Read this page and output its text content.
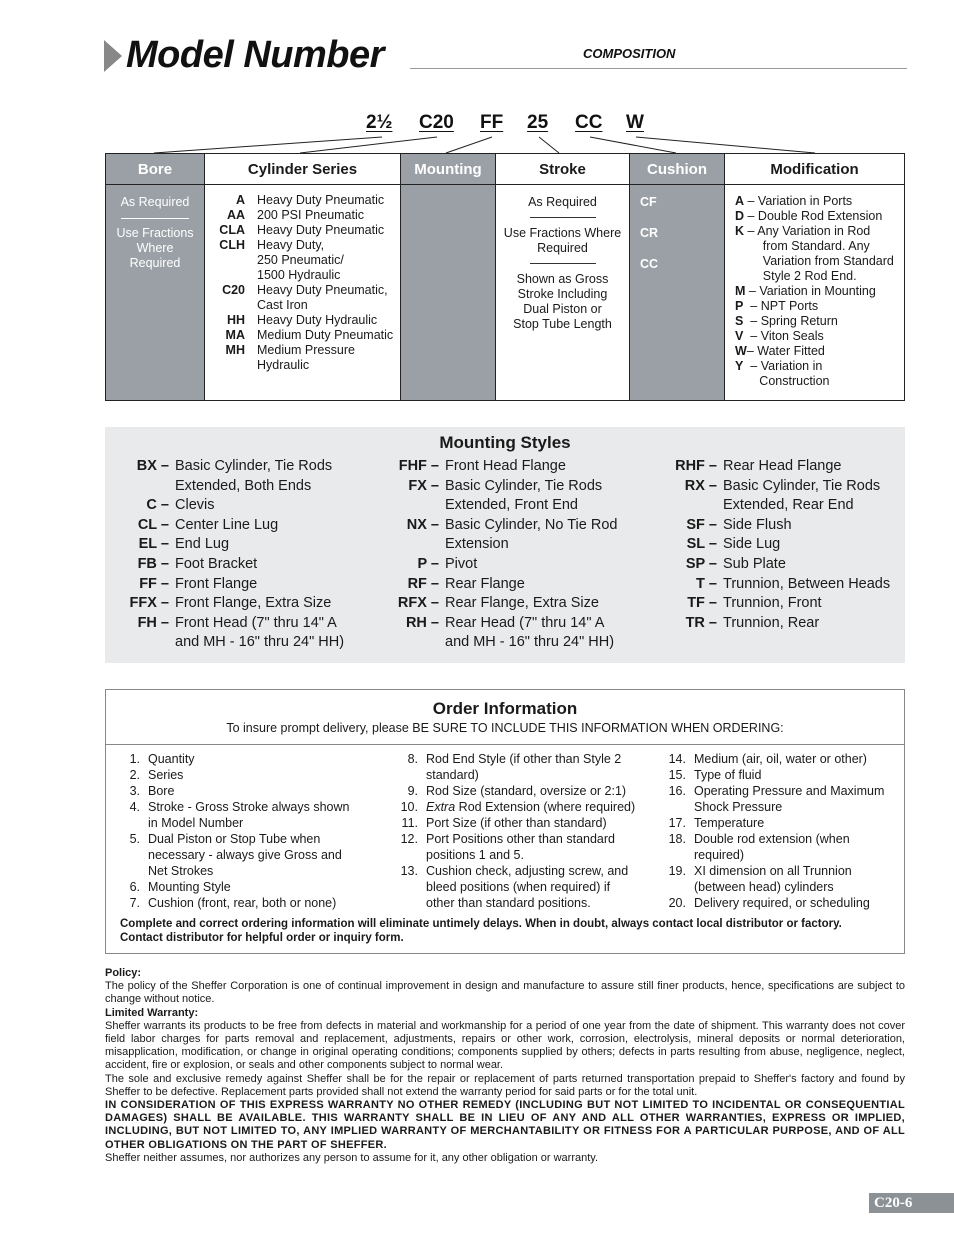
Model Number	COMPOSITION
2½ C20 FF 25 CC W
Bore
As Required
Use Fractions
Where
Required
Cylinder Series
A Heavy Duty Pneumatic
AA 200 PSI Pneumatic
CLA Heavy Duty Pneumatic
CLH Heavy Duty,
250 Pneumatic/
1500 Hydraulic
C20 Heavy Duty Pneumatic,
Cast Iron
HH Heavy Duty Hydraulic
MA Medium Duty Pneumatic
MH Medium Pressure
Hydraulic
Mounting	Stroke
As Required
Use Fractions Where
Required
Shown as Gross
Stroke Including
Dual Piston or
Stop Tube Length
Cushion
CF
CR
CC
Modification
A – Variation in Ports
D – Double Rod Extension
K – Any Variation in Rod
from Standard. Any
Variation from Standard
Style 2 Rod End.
M – Variation in Mounting
P – NPT Ports
S – Spring Return
V – Viton Seals
W – Water Fitted
Y – Variation in
Construction
Mounting Styles
BX – Basic Cylinder, Tie Rods
Extended, Both Ends
C – Clevis
CL – Center Line Lug
EL – End Lug
FB – Foot Bracket
FF – Front Flange
FFX – Front Flange, Extra Size
FH – Front Head (7" thru 14" A
and MH - 16" thru 24" HH)
FHF – Front Head Flange
FX – Basic Cylinder, Tie Rods
Extended, Front End
NX – Basic Cylinder, No Tie Rod
Extension
P – Pivot
RF – Rear Flange
RFX – Rear Flange, Extra Size
RH – Rear Head (7" thru 14" A
and MH - 16" thru 24" HH)
RHF – Rear Head Flange
RX – Basic Cylinder, Tie Rods
Extended, Rear End
SF – Side Flush
SL – Side Lug
SP – Sub Plate
T – Trunnion, Between Heads
TF – Trunnion, Front
TR – Trunnion, Rear
Order Information
To insure prompt delivery, please BE SURE TO INCLUDE THIS INFORMATION WHEN ORDERING:
1. Quantity
2. Series
3. Bore
4. Stroke - Gross Stroke always shown
in Model Number
5. Dual Piston or Stop Tube when
necessary - always give Gross and
Net Strokes
6. Mounting Style
7. Cushion (front, rear, both or none)
8. Rod End Style (if other than Style 2
standard)
9. Rod Size (standard, oversize or 2:1)
10. Extra Rod Extension (where required)
11. Port Size (if other than standard)
12. Port Positions other than standard
positions 1 and 5.
13. Cushion check, adjusting screw, and
bleed positions (when required) if
other than standard positions.
14. Medium (air, oil, water or other)
15. Type of fluid
16. Operating Pressure and Maximum
Shock Pressure
17. Temperature
18. Double rod extension (when
required)
19. XI dimension on all Trunnion
(between head) cylinders
20. Delivery required, or scheduling
Complete and correct ordering information will eliminate untimely delays. When in doubt, always contact local distributor or factory.
Contact distributor for helpful order or inquiry form.
Policy:
The policy of the Sheffer Corporation is one of continual improvement in design and manufacture to assure still finer products, hence, specifications are subject to change without notice.
Limited Warranty:
Sheffer warrants its products to be free from defects in material and workmanship for a period of one year from the date of shipment. This warranty does not cover field labor charges for parts removal and replacement, adjustments, repairs or other work, corrosion, electrolysis, mineral deposits or normal deterioration, misapplication, modification, or change in original operating conditions; components supplied by others; defects in parts resulting from abuse, negligence, neglect, accident, fire or explosion, or seals and other components subject to normal wear.
The sole and exclusive remedy against Sheffer shall be for the repair or replacement of parts returned transportation prepaid to Sheffer's factory and found by Sheffer to be defective. Replacement parts provided shall not extend the warranty period for said parts or for the total unit.
IN CONSIDERATION OF THIS EXPRESS WARRANTY NO OTHER REMEDY (INCLUDING BUT NOT LIMITED TO INCIDENTAL OR CONSEQUENTIAL DAMAGES) SHALL BE AVAILABLE. THIS WARRANTY SHALL BE IN LIEU OF ANY AND ALL OTHER WARRANTIES, EXPRESS OR IMPLIED, INCLUDING, BUT NOT LIMITED TO, ANY IMPLIED WARRANTY OF MERCHANTABILITY OR FITNESS FOR A PARTICULAR PURPOSE, AND OF ALL OTHER OBLIGATIONS ON THE PART OF SHEFFER.
Sheffer neither assumes, nor authorizes any person to assume for it, any other obligation or warranty.
C20-6
